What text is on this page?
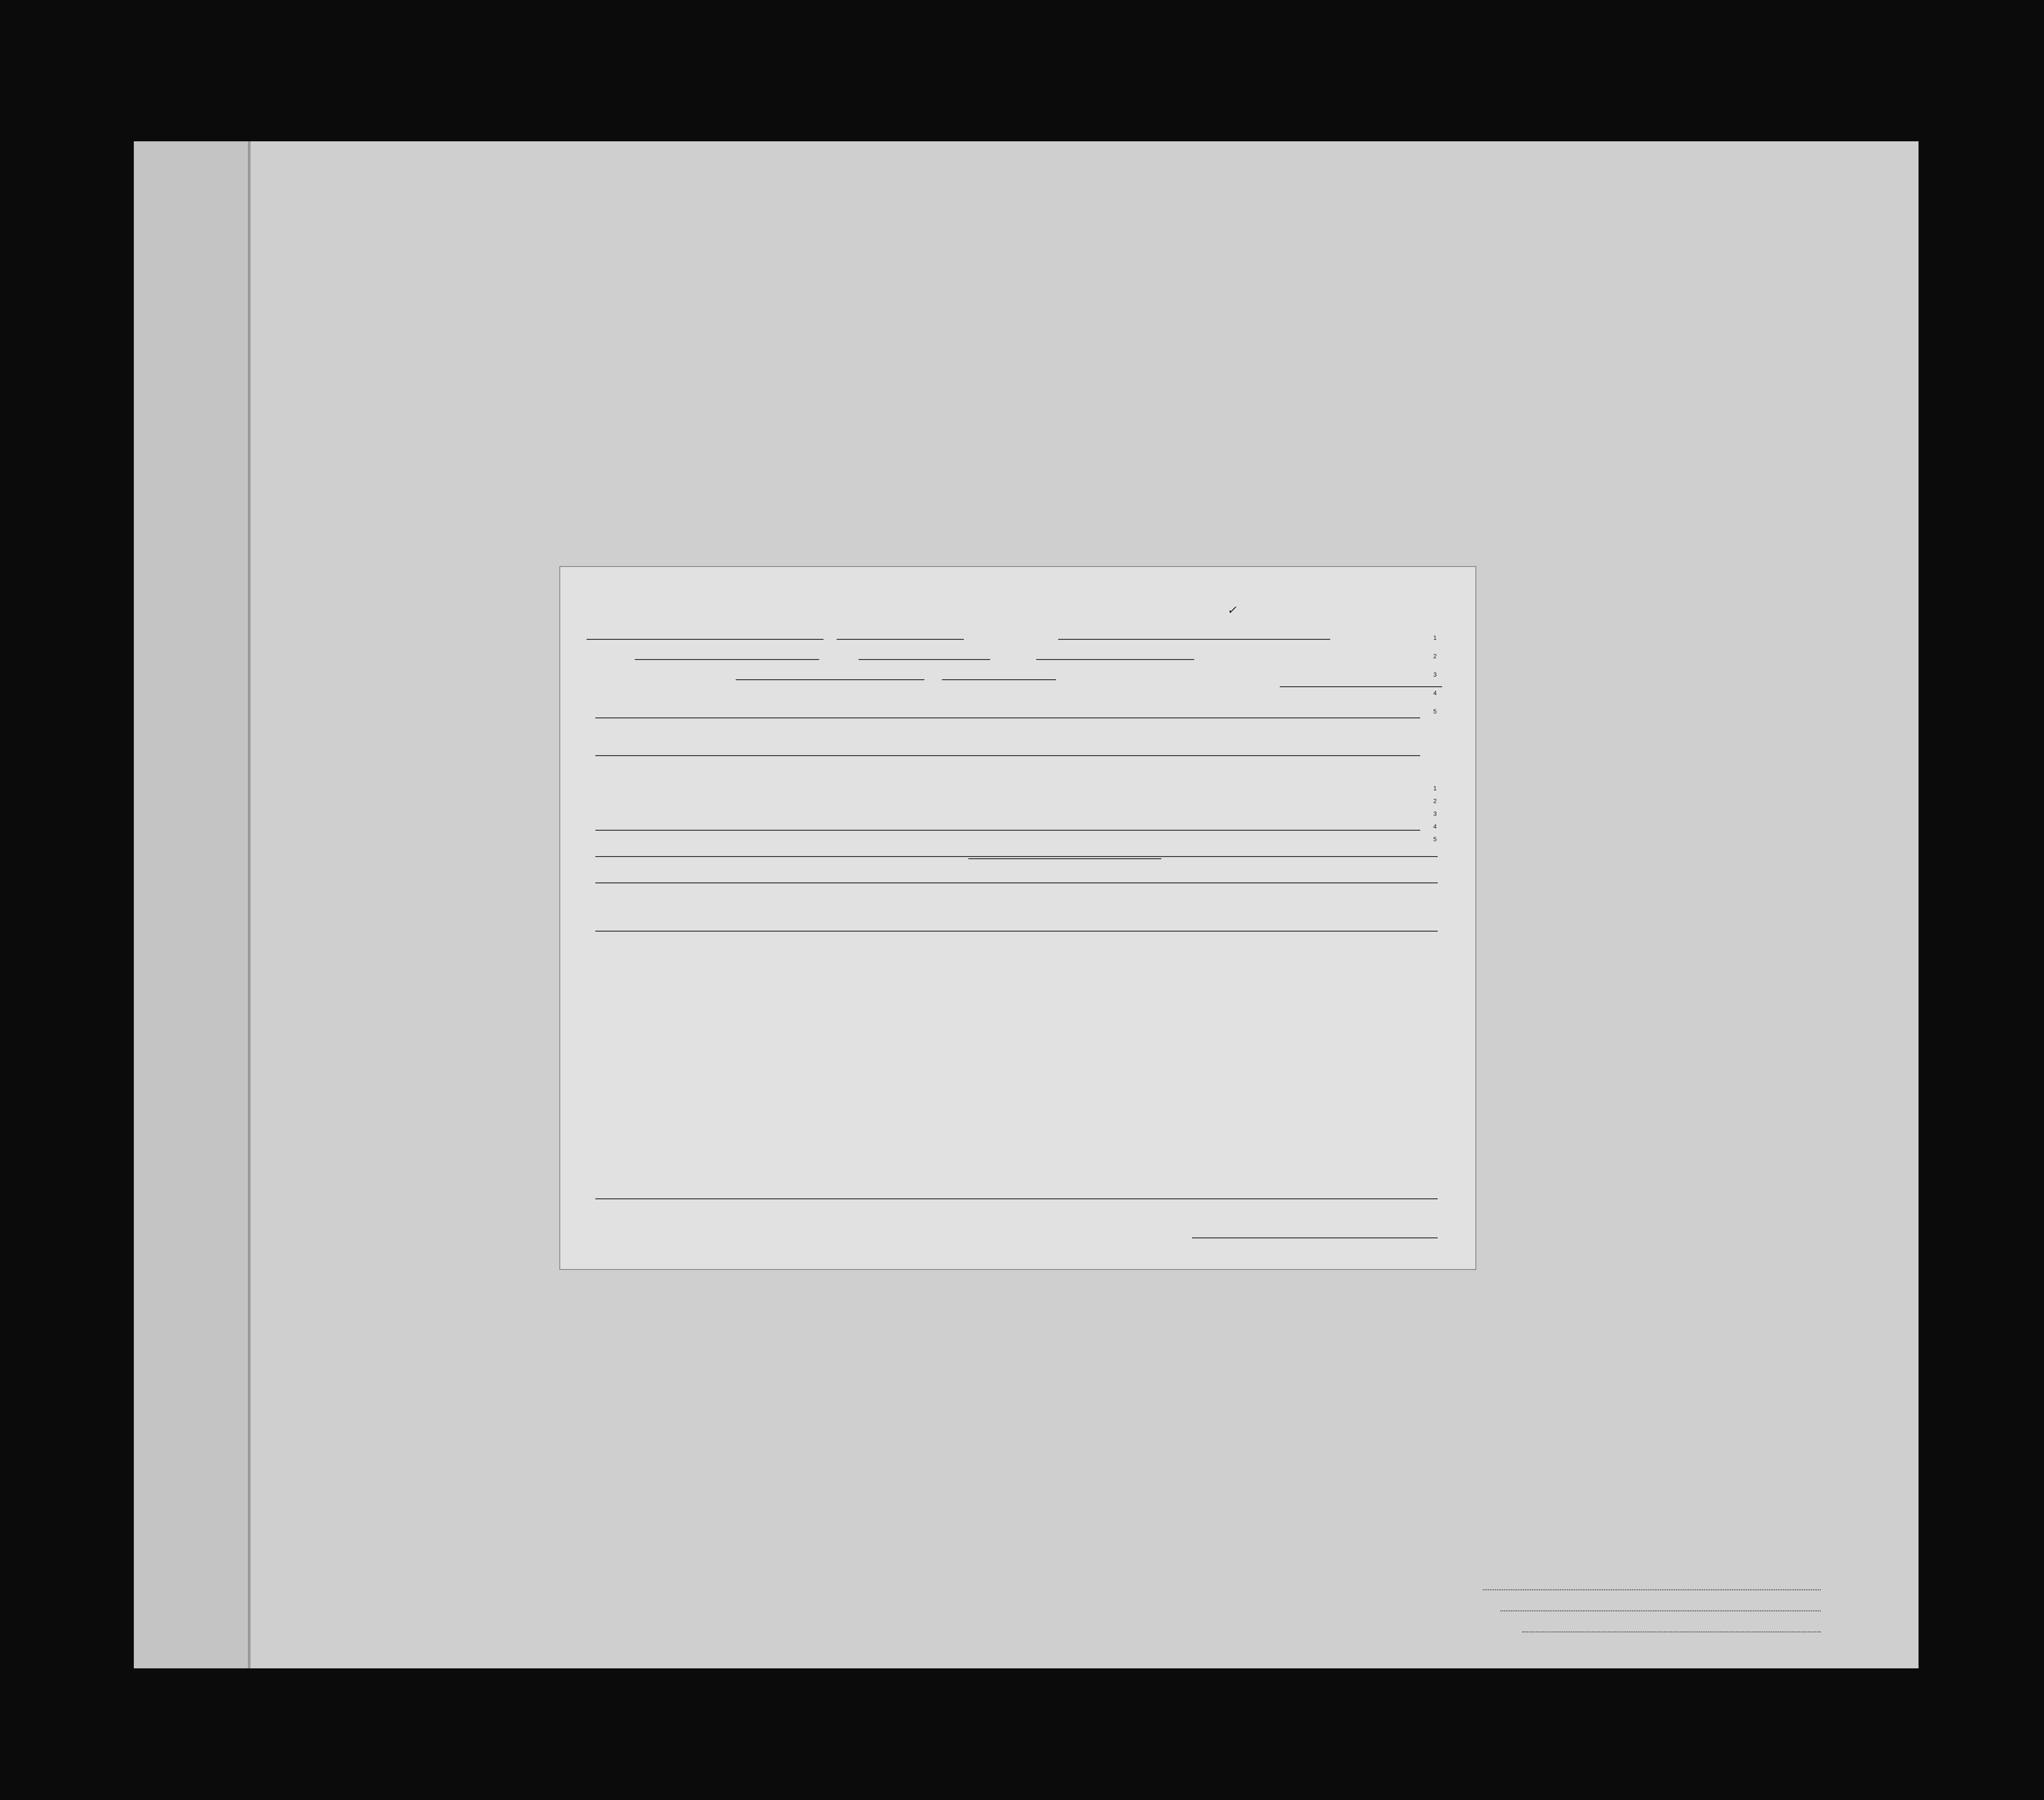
✓
1
2
3
4
5
1
2
3
4
5
